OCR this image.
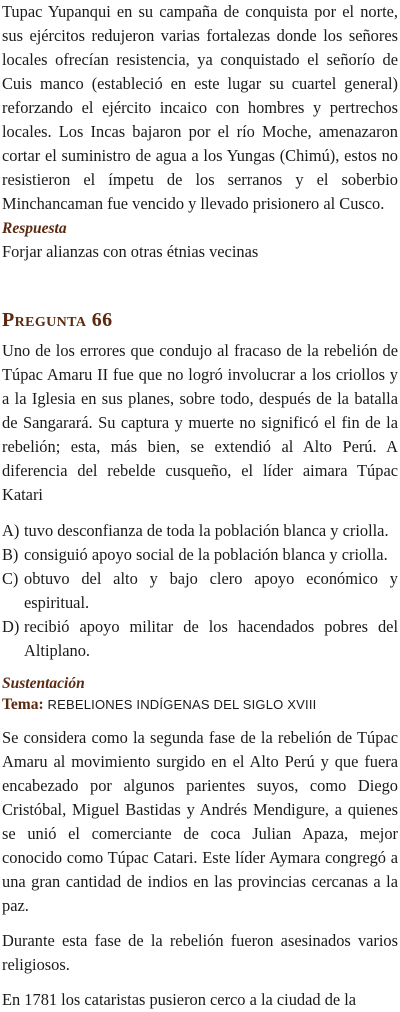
Tupac Yupanqui en su campaña de conquista por el norte, sus ejércitos redujeron varias fortalezas donde los señores locales ofrecían resistencia, ya conquistado el señorío de Cuis manco (estableció en este lugar su cuartel general) reforzando el ejército incaico con hombres y pertrechos locales. Los Incas bajaron por el río Moche, amenazaron cortar el suministro de agua a los Yungas (Chimú), estos no resistieron el ímpetu de los serranos y el soberbio Minchancaman fue vencido y llevado prisionero al Cusco.

Respuesta
Forjar alianzas con otras étnias vecinas
Pregunta 66

Uno de los errores que condujo al fracaso de la rebelión de Túpac Amaru II fue que no logró involucrar a los criollos y a la Iglesia en sus planes, sobre todo, después de la batalla de Sangarará. Su captura y muerte no significó el fin de la rebelión; esta, más bien, se extendió al Alto Perú. A diferencia del rebelde cusqueño, el líder aimara Túpac Katari

A) tuvo desconfianza de toda la población blanca y criolla.
B) consiguió apoyo social de la población blanca y criolla.
C) obtuvo del alto y bajo clero apoyo económico y espiritual.
D) recibió apoyo militar de los hacendados pobres del Altiplano.
Sustentación
Tema: REBELIONES INDÍGENAS DEL SIGLO XVIII

Se considera como la segunda fase de la rebelión de Túpac Amaru al movimiento surgido en el Alto Perú y que fuera encabezado por algunos parientes suyos, como Diego Cristóbal, Miguel Bastidas y Andrés Mendigure, a quienes se unió el comerciante de coca Julian Apaza, mejor conocido como Túpac Catari. Este líder Aymara congregó a una gran cantidad de indios en las provincias cercanas a la paz.

Durante esta fase de la rebelión fueron asesinados varios religiosos.

En 1781 los cataristas pusieron cerco a la ciudad de la
